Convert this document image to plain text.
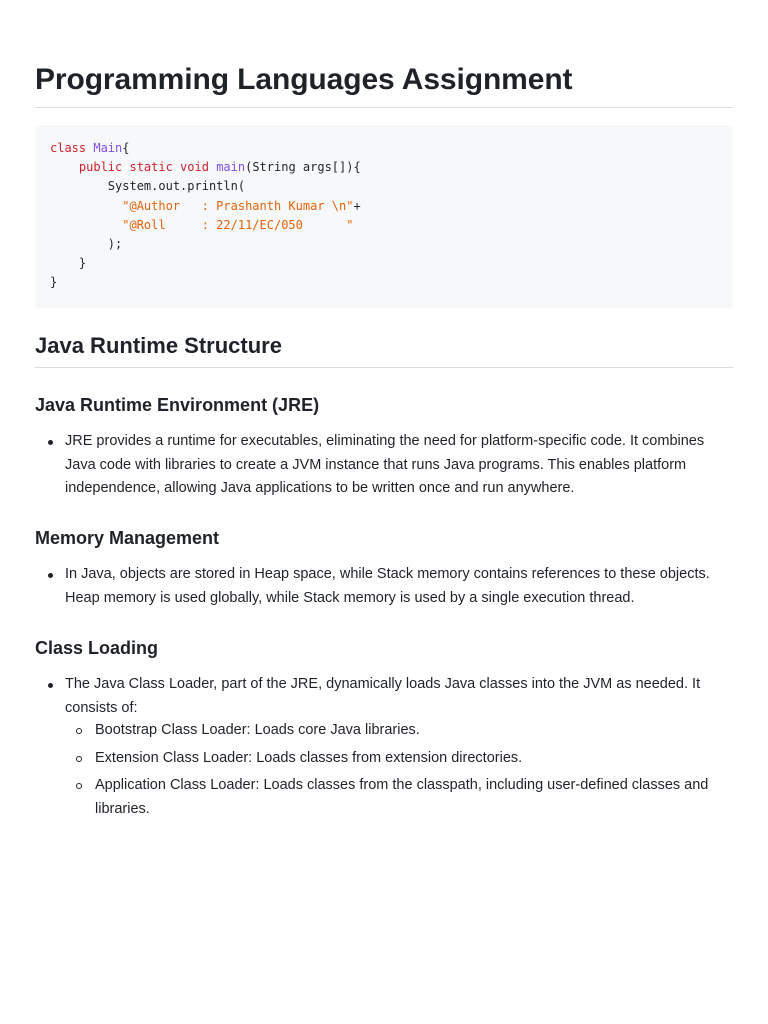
Programming Languages Assignment
class Main{
public static void main(String args[]){
System.out.println(
"@Author   : Prashanth Kumar \n"+
"@Roll     : 22/11/EC/050      "
);
}
}
Java Runtime Structure
Java Runtime Environment (JRE)
JRE provides a runtime for executables, eliminating the need for platform-specific code. It combines Java code with libraries to create a JVM instance that runs Java programs. This enables platform independence, allowing Java applications to be written once and run anywhere.
Memory Management
In Java, objects are stored in Heap space, while Stack memory contains references to these objects. Heap memory is used globally, while Stack memory is used by a single execution thread.
Class Loading
The Java Class Loader, part of the JRE, dynamically loads Java classes into the JVM as needed. It consists of:
Bootstrap Class Loader: Loads core Java libraries.
Extension Class Loader: Loads classes from extension directories.
Application Class Loader: Loads classes from the classpath, including user-defined classes and libraries.
